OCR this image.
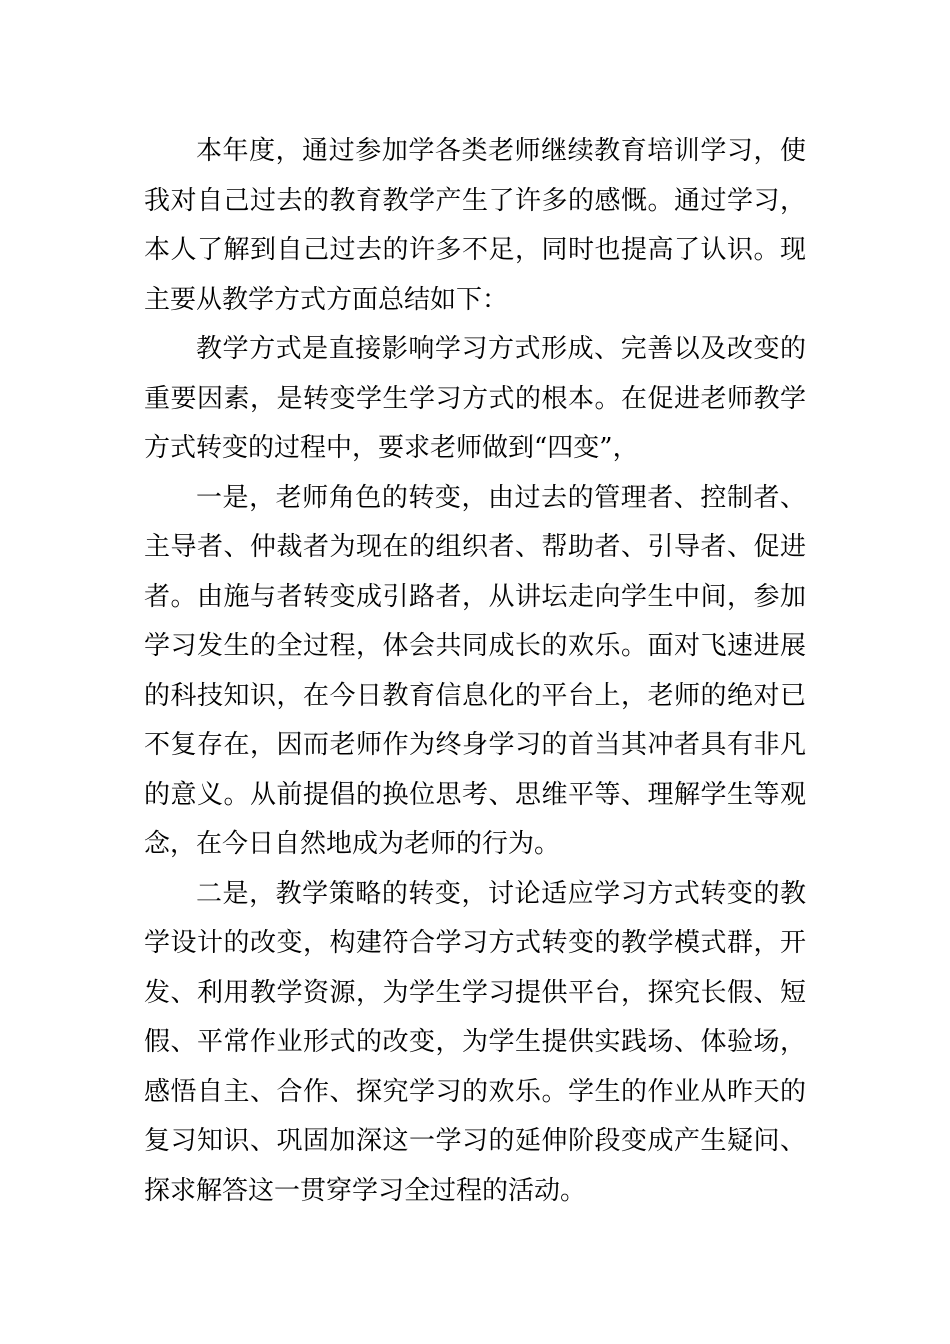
本年度，通过参加学各类老师继续教育培训学习，使我对自己过去的教育教学产生了许多的感慨。通过学习，本人了解到自己过去的许多不足，同时也提高了认识。现主要从教学方式方面总结如下：

教学方式是直接影响学习方式形成、完善以及改变的重要因素，是转变学生学习方式的根本。在促进老师教学方式转变的过程中，要求老师做到“四变”，

一是，老师角色的转变，由过去的管理者、控制者、主导者、仲裁者为现在的组织者、帮助者、引导者、促进者。由施与者转变成引路者，从讲坛走向学生中间，参加学习发生的全过程，体会共同成长的欢乐。面对飞速进展的科技知识，在今日教育信息化的平台上，老师的绝对已不复存在，因而老师作为终身学习的首当其冲者具有非凡的意义。从前提倡的换位思考、思维平等、理解学生等观念，在今日自然地成为老师的行为。

二是，教学策略的转变，讨论适应学习方式转变的教学设计的改变，构建符合学习方式转变的教学模式群，开发、利用教学资源，为学生学习提供平台，探究长假、短假、平常作业形式的改变，为学生提供实践场、体验场，感悟自主、合作、探究学习的欢乐。学生的作业从昨天的复习知识、巩固加深这一学习的延伸阶段变成产生疑问、探求解答这一贯穿学习全过程的活动。
